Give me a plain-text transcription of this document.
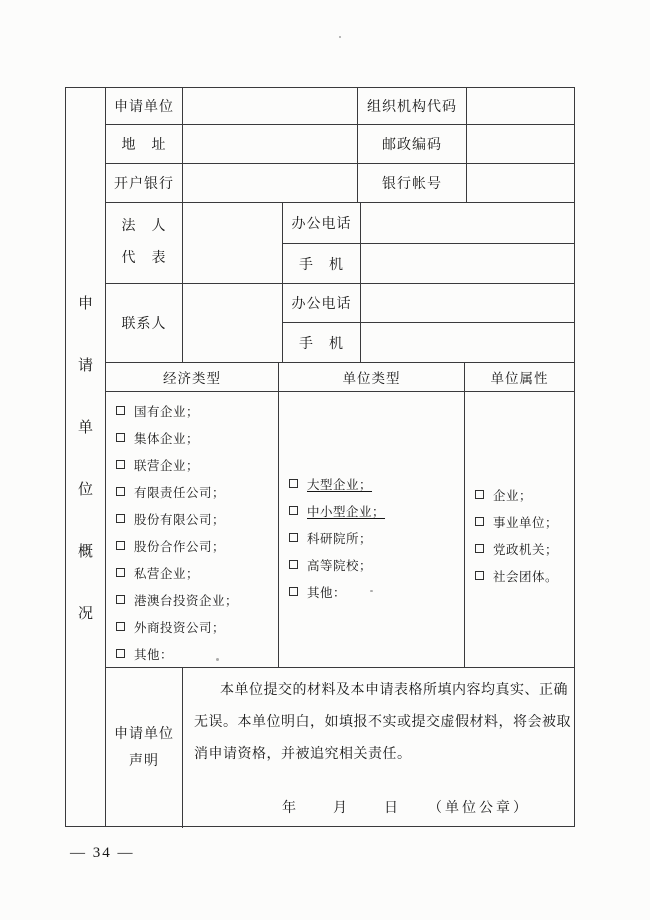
申
请
单
位
概
况
申请单位	组织机构代码
地　址	邮政编码
开户银行	银行帐号
法　人
代　表
办公电话
手　机
联系人
办公电话
手　机
经济类型	单位类型	单位属性
国有企业；
集体企业；
联营企业；
有限责任公司；
股份有限公司；
股份合作公司；
私营企业；
港澳台投资企业；
外商投资公司；
其他：
大型企业；
中小型企业；
科研院所；
高等院校；
其他：
企业；
事业单位；
党政机关；
社会团体。
申请单位
声明
本单位提交的材料及本申请表格所填内容均真实、正确
无误。本单位明白，如填报不实或提交虚假材料，将会被取
消申请资格，并被追究相关责任。
年　　月　　日　　（单位公章）
— 34 —
